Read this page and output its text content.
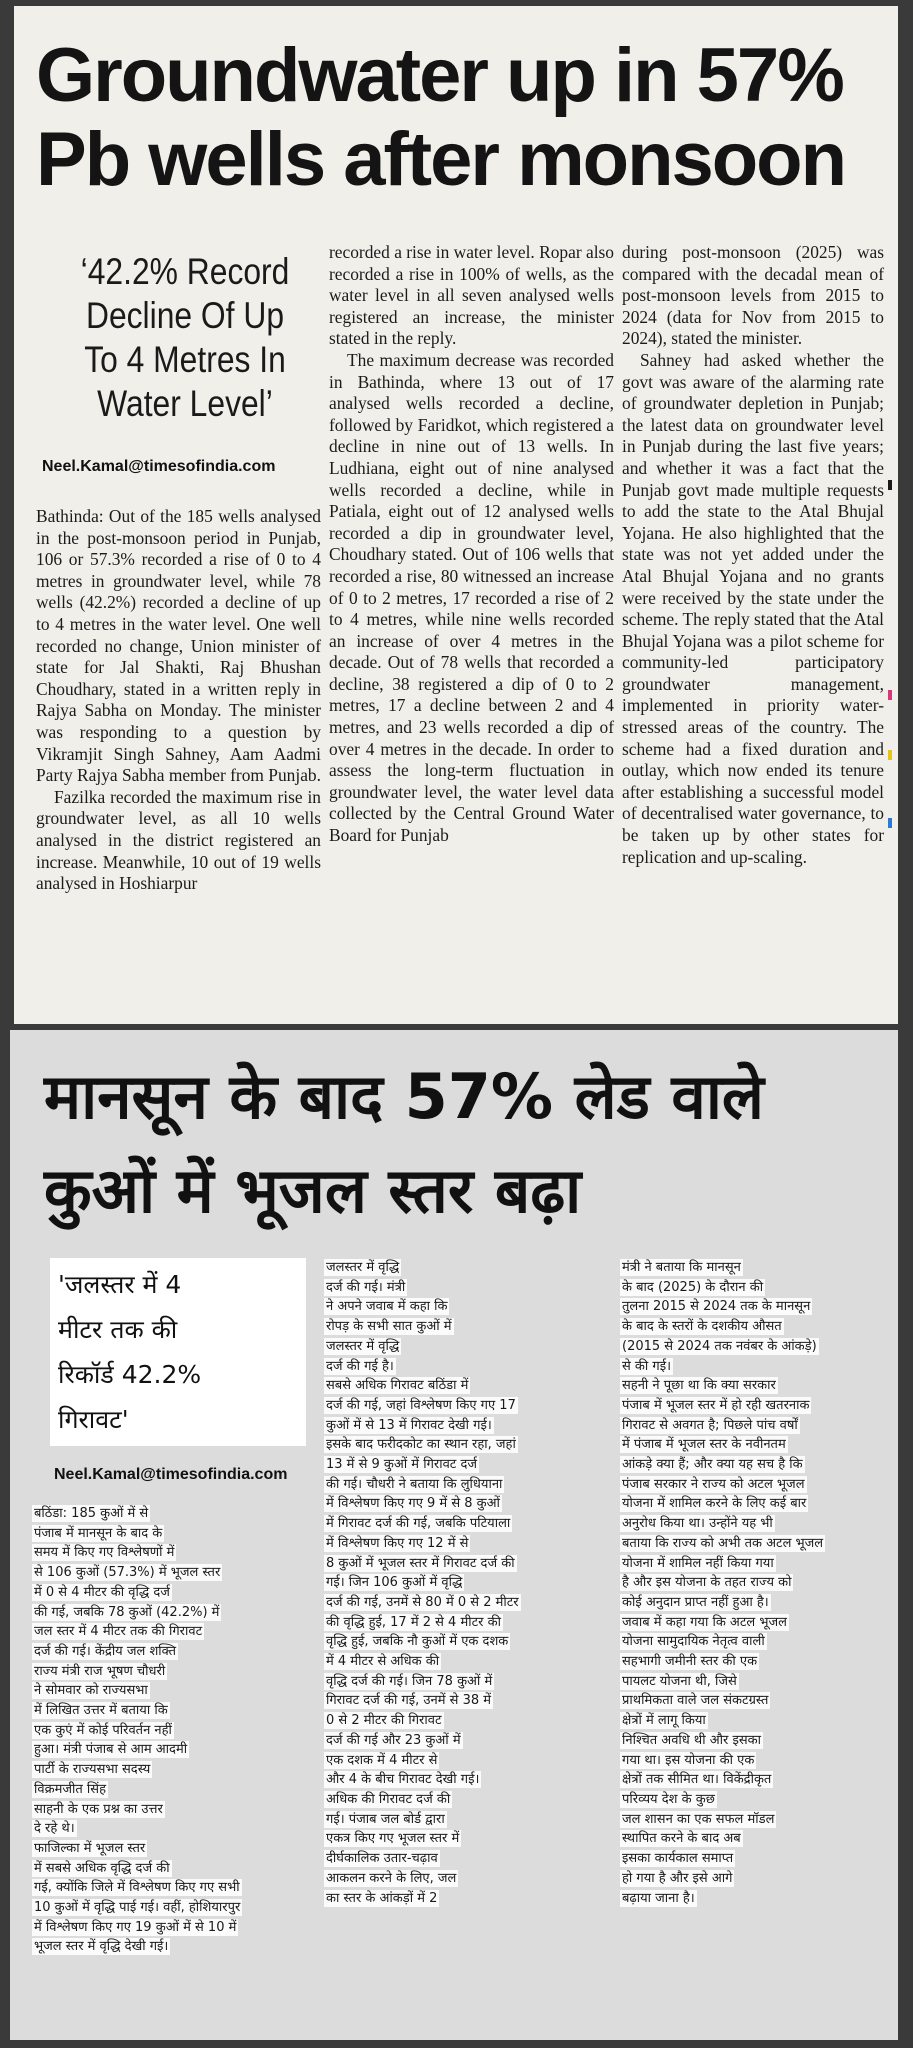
Groundwater up in 57%
Pb wells after monsoon

‘42.2% Record Decline Of Up To 4 Metres In Water Level’

Neel.Kamal@timesofindia.com

Bathinda: Out of the 185 wells analysed in the post-monsoon period in Punjab, 106 or 57.3% recorded a rise of 0 to 4 metres in groundwater level, while 78 wells (42.2%) recorded a decline of up to 4 metres in the water level. One well recorded no change, Union minister of state for Jal Shakti, Raj Bhushan Choudhary, stated in a written reply in Rajya Sabha on Monday. The minister was responding to a question by Vikramjit Singh Sahney, Aam Aadmi Party Rajya Sabha member from Punjab.

Fazilka recorded the maximum rise in groundwater level, as all 10 wells analysed in the district registered an increase. Meanwhile, 10 out of 19 wells analysed in Hoshiarpur

recorded a rise in water level. Ropar also recorded a rise in 100% of wells, as the water level in all seven analysed wells registered an increase, the minister stated in the reply.

The maximum decrease was recorded in Bathinda, where 13 out of 17 analysed wells recorded a decline, followed by Faridkot, which registered a decline in nine out of 13 wells. In Ludhiana, eight out of nine analysed wells recorded a decline, while in Patiala, eight out of 12 analysed wells recorded a dip in groundwater level, Choudhary stated. Out of 106 wells that recorded a rise, 80 witnessed an increase of 0 to 2 metres, 17 recorded a rise of 2 to 4 metres, while nine wells recorded an increase of over 4 metres in the decade. Out of 78 wells that recorded a decline, 38 registered a dip of 0 to 2 metres, 17 a decline between 2 and 4 metres, and 23 wells recorded a dip of over 4 metres in the decade. In order to assess the long-term fluctuation in groundwater level, the water level data collected by the Central Ground Water Board for Punjab

during post-monsoon (2025) was compared with the decadal mean of post-monsoon levels from 2015 to 2024 (data for Nov from 2015 to 2024), stated the minister.

Sahney had asked whether the govt was aware of the alarming rate of groundwater depletion in Punjab; the latest data on groundwater level in Punjab during the last five years; and whether it was a fact that the Punjab govt made multiple requests to add the state to the Atal Bhujal Yojana. He also highlighted that the state was not yet added under the Atal Bhujal Yojana and no grants were received by the state under the scheme. The reply stated that the Atal Bhujal Yojana was a pilot scheme for community-led participatory groundwater management, implemented in priority water-stressed areas of the country. The scheme had a fixed duration and outlay, which now ended its tenure after establishing a successful model of decentralised water governance, to be taken up by other states for replication and up-scaling.

मानसून के बाद 57% लेड वाले
कुओं में भूजल स्तर बढ़ा
'जलस्तर में 4
मीटर तक की
रिकॉर्ड 42.2%
गिरावट'
Neel.Kamal@timesofindia.com
बठिंडा: 185 कुओं में से
पंजाब में मानसून के बाद के
समय में किए गए विश्लेषणों में
से 106 कुओं (57.3%) में भूजल स्तर
में 0 से 4 मीटर की वृद्धि दर्ज
की गई, जबकि 78 कुओं (42.2%) में
जल स्तर में 4 मीटर तक की गिरावट
दर्ज की गई। केंद्रीय जल शक्ति
राज्य मंत्री राज भूषण चौधरी
ने सोमवार को राज्यसभा
में लिखित उत्तर में बताया कि
एक कुएं में कोई परिवर्तन नहीं
हुआ। मंत्री पंजाब से आम आदमी
पार्टी के राज्यसभा सदस्य
विक्रमजीत सिंह
साहनी के एक प्रश्न का उत्तर
दे रहे थे।
फाजिल्का में भूजल स्तर
में सबसे अधिक वृद्धि दर्ज की
गई, क्योंकि जिले में विश्लेषण किए गए सभी
10 कुओं में वृद्धि पाई गई। वहीं, होशियारपुर
में विश्लेषण किए गए 19 कुओं में से 10 में
भूजल स्तर में वृद्धि देखी गई।
जलस्तर में वृद्धि
दर्ज की गई। मंत्री
ने अपने जवाब में कहा कि
रोपड़ के सभी सात कुओं में
जलस्तर में वृद्धि
दर्ज की गई है।
सबसे अधिक गिरावट बठिंडा में
दर्ज की गई, जहां विश्लेषण किए गए 17
कुओं में से 13 में गिरावट देखी गई।
इसके बाद फरीदकोट का स्थान रहा, जहां
13 में से 9 कुओं में गिरावट दर्ज
की गई। चौधरी ने बताया कि लुधियाना
में विश्लेषण किए गए 9 में से 8 कुओं
में गिरावट दर्ज की गई, जबकि पटियाला
में विश्लेषण किए गए 12 में से
8 कुओं में भूजल स्तर में गिरावट दर्ज की
गई। जिन 106 कुओं में वृद्धि
दर्ज की गई, उनमें से 80 में 0 से 2 मीटर
की वृद्धि हुई, 17 में 2 से 4 मीटर की
वृद्धि हुई, जबकि नौ कुओं में एक दशक
में 4 मीटर से अधिक की
वृद्धि दर्ज की गई। जिन 78 कुओं में
गिरावट दर्ज की गई, उनमें से 38 में
0 से 2 मीटर की गिरावट
दर्ज की गई और 23 कुओं में
एक दशक में 4 मीटर से
और 4 के बीच गिरावट देखी गई।
अधिक की गिरावट दर्ज की
गई। पंजाब जल बोर्ड द्वारा
एकत्र किए गए भूजल स्तर में
दीर्घकालिक उतार-चढ़ाव
आकलन करने के लिए, जल
का स्तर के आंकड़ों में 2
मंत्री ने बताया कि मानसून
के बाद (2025) के दौरान की
तुलना 2015 से 2024 तक के मानसून
के बाद के स्तरों के दशकीय औसत
(2015 से 2024 तक नवंबर के आंकड़े)
से की गई।
सहनी ने पूछा था कि क्या सरकार
पंजाब में भूजल स्तर में हो रही खतरनाक
गिरावट से अवगत है; पिछले पांच वर्षों
में पंजाब में भूजल स्तर के नवीनतम
आंकड़े क्या हैं; और क्या यह सच है कि
पंजाब सरकार ने राज्य को अटल भूजल
योजना में शामिल करने के लिए कई बार
अनुरोध किया था। उन्होंने यह भी
बताया कि राज्य को अभी तक अटल भूजल
योजना में शामिल नहीं किया गया
है और इस योजना के तहत राज्य को
कोई अनुदान प्राप्त नहीं हुआ है।
जवाब में कहा गया कि अटल भूजल
योजना सामुदायिक नेतृत्व वाली
सहभागी जमीनी स्तर की एक
पायलट योजना थी, जिसे
प्राथमिकता वाले जल संकटग्रस्त
क्षेत्रों में लागू किया
निश्चित अवधि थी और इसका
गया था। इस योजना की एक
क्षेत्रों तक सीमित था। विकेंद्रीकृत
परिव्यय देश के कुछ
जल शासन का एक सफल मॉडल
स्थापित करने के बाद अब
इसका कार्यकाल समाप्त
हो गया है और इसे आगे
बढ़ाया जाना है।
